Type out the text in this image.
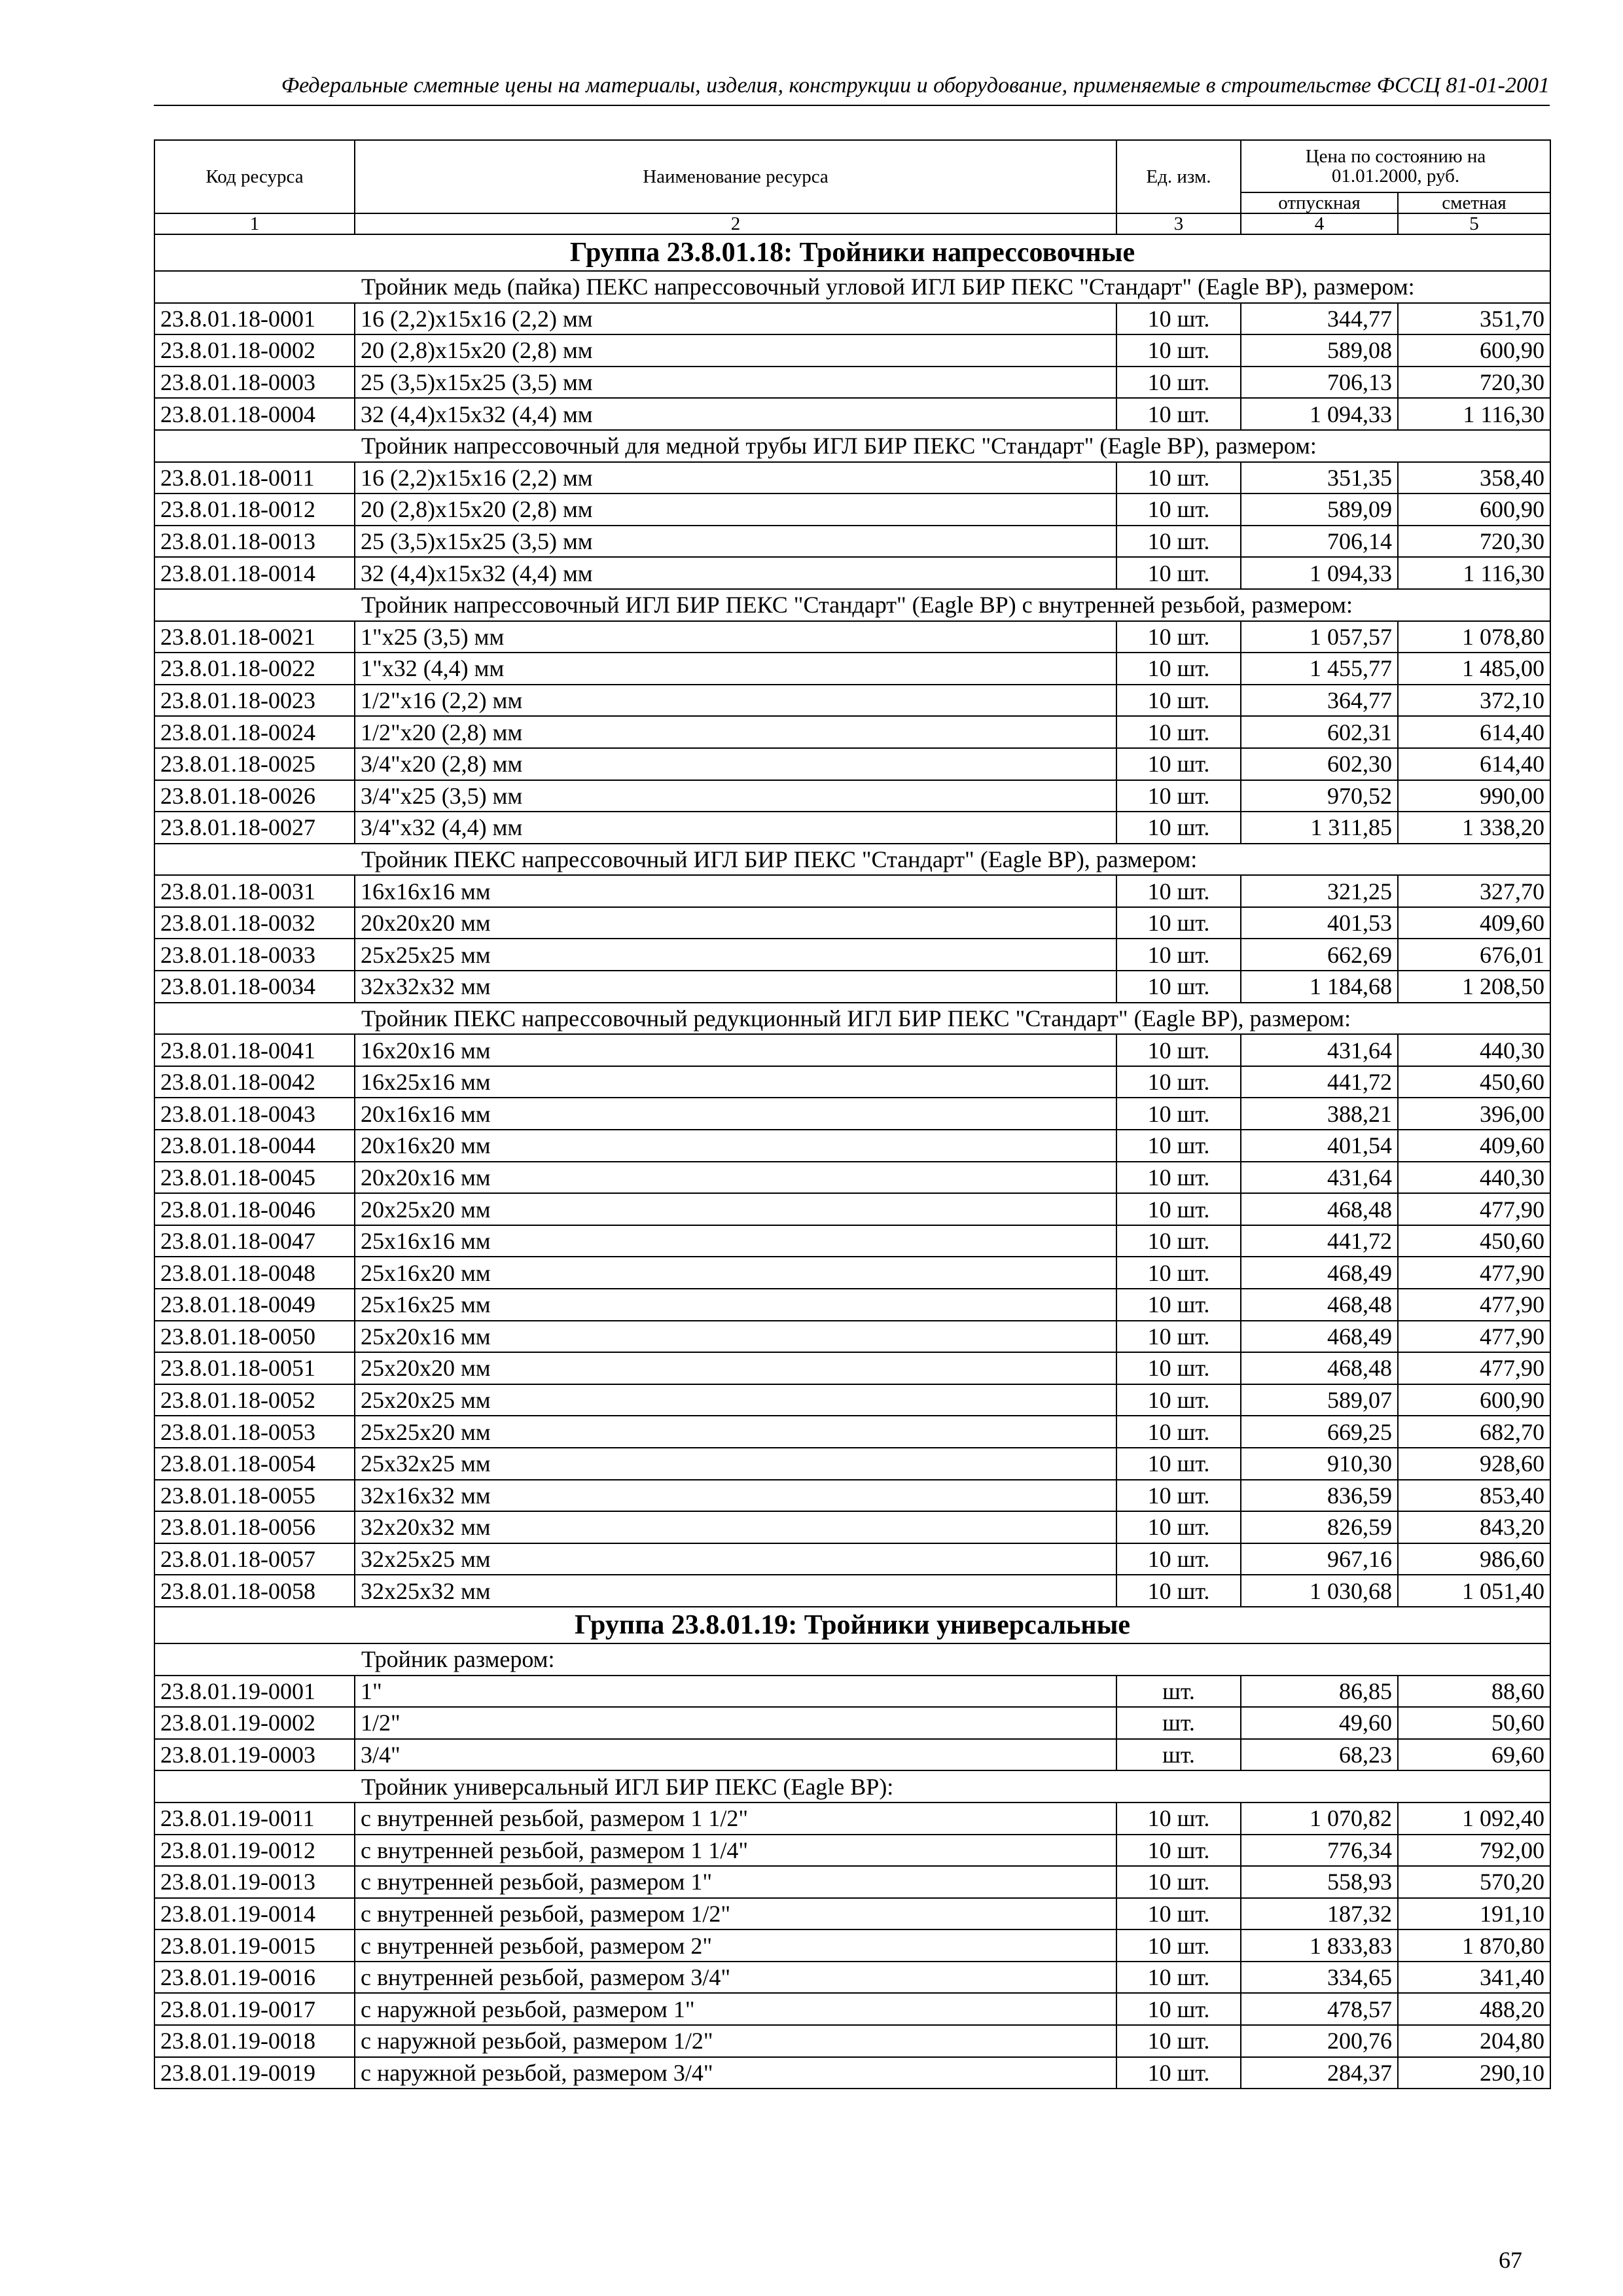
Федеральные сметные цены на материалы, изделия, конструкции и оборудование, применяемые в строительстве ФССЦ 81-01-2001
Код ресурса	Наименование ресурса	Ед. изм.	Цена по состоянию на 01.01.2000, руб.	
			отпускная	сметная
1	2	3	4	5
Группа 23.8.01.18: Тройники напрессовочные				
Тройник медь (пайка) ПЕКС напрессовочный угловой ИГЛ БИР ПЕКС "Стандарт" (Eagle BP), размером:				
23.8.01.18-0001	16 (2,2)x15x16 (2,2) мм	10 шт.	344,77	351,70
23.8.01.18-0002	20 (2,8)x15x20 (2,8) мм	10 шт.	589,08	600,90
23.8.01.18-0003	25 (3,5)x15x25 (3,5) мм	10 шт.	706,13	720,30
23.8.01.18-0004	32 (4,4)x15x32 (4,4) мм	10 шт.	1 094,33	1 116,30
Тройник напрессовочный для медной трубы ИГЛ БИР ПЕКС "Стандарт" (Eagle BP), размером:				
23.8.01.18-0011	16 (2,2)x15x16 (2,2) мм	10 шт.	351,35	358,40
23.8.01.18-0012	20 (2,8)x15x20 (2,8) мм	10 шт.	589,09	600,90
23.8.01.18-0013	25 (3,5)x15x25 (3,5) мм	10 шт.	706,14	720,30
23.8.01.18-0014	32 (4,4)x15x32 (4,4) мм	10 шт.	1 094,33	1 116,30
Тройник напрессовочный ИГЛ БИР ПЕКС "Стандарт" (Eagle BP) с внутренней резьбой, размером:				
23.8.01.18-0021	1"x25 (3,5) мм	10 шт.	1 057,57	1 078,80
23.8.01.18-0022	1"x32 (4,4) мм	10 шт.	1 455,77	1 485,00
23.8.01.18-0023	1/2"x16 (2,2) мм	10 шт.	364,77	372,10
23.8.01.18-0024	1/2"x20 (2,8) мм	10 шт.	602,31	614,40
23.8.01.18-0025	3/4"x20 (2,8) мм	10 шт.	602,30	614,40
23.8.01.18-0026	3/4"x25 (3,5) мм	10 шт.	970,52	990,00
23.8.01.18-0027	3/4"x32 (4,4) мм	10 шт.	1 311,85	1 338,20
Тройник ПЕКС напрессовочный ИГЛ БИР ПЕКС "Стандарт" (Eagle BP), размером:				
23.8.01.18-0031	16x16x16 мм	10 шт.	321,25	327,70
23.8.01.18-0032	20x20x20 мм	10 шт.	401,53	409,60
23.8.01.18-0033	25x25x25 мм	10 шт.	662,69	676,01
23.8.01.18-0034	32x32x32 мм	10 шт.	1 184,68	1 208,50
Тройник ПЕКС напрессовочный редукционный ИГЛ БИР ПЕКС "Стандарт" (Eagle BP), размером:				
23.8.01.18-0041	16x20x16 мм	10 шт.	431,64	440,30
23.8.01.18-0042	16x25x16 мм	10 шт.	441,72	450,60
23.8.01.18-0043	20x16x16 мм	10 шт.	388,21	396,00
23.8.01.18-0044	20x16x20 мм	10 шт.	401,54	409,60
23.8.01.18-0045	20x20x16 мм	10 шт.	431,64	440,30
23.8.01.18-0046	20x25x20 мм	10 шт.	468,48	477,90
23.8.01.18-0047	25x16x16 мм	10 шт.	441,72	450,60
23.8.01.18-0048	25x16x20 мм	10 шт.	468,49	477,90
23.8.01.18-0049	25x16x25 мм	10 шт.	468,48	477,90
23.8.01.18-0050	25x20x16 мм	10 шт.	468,49	477,90
23.8.01.18-0051	25x20x20 мм	10 шт.	468,48	477,90
23.8.01.18-0052	25x20x25 мм	10 шт.	589,07	600,90
23.8.01.18-0053	25x25x20 мм	10 шт.	669,25	682,70
23.8.01.18-0054	25x32x25 мм	10 шт.	910,30	928,60
23.8.01.18-0055	32x16x32 мм	10 шт.	836,59	853,40
23.8.01.18-0056	32x20x32 мм	10 шт.	826,59	843,20
23.8.01.18-0057	32x25x25 мм	10 шт.	967,16	986,60
23.8.01.18-0058	32x25x32 мм	10 шт.	1 030,68	1 051,40
Группа 23.8.01.19: Тройники универсальные				
Тройник размером:				
23.8.01.19-0001	1"	шт.	86,85	88,60
23.8.01.19-0002	1/2"	шт.	49,60	50,60
23.8.01.19-0003	3/4"	шт.	68,23	69,60
Тройник универсальный ИГЛ БИР ПЕКС (Eagle BP):				
23.8.01.19-0011	с внутренней резьбой, размером 1 1/2"	10 шт.	1 070,82	1 092,40
23.8.01.19-0012	с внутренней резьбой, размером 1 1/4"	10 шт.	776,34	792,00
23.8.01.19-0013	с внутренней резьбой, размером 1"	10 шт.	558,93	570,20
23.8.01.19-0014	с внутренней резьбой, размером 1/2"	10 шт.	187,32	191,10
23.8.01.19-0015	с внутренней резьбой, размером 2"	10 шт.	1 833,83	1 870,80
23.8.01.19-0016	с внутренней резьбой, размером 3/4"	10 шт.	334,65	341,40
23.8.01.19-0017	с наружной резьбой, размером 1"	10 шт.	478,57	488,20
23.8.01.19-0018	с наружной резьбой, размером 1/2"	10 шт.	200,76	204,80
23.8.01.19-0019	с наружной резьбой, размером 3/4"	10 шт.	284,37	290,10
67
